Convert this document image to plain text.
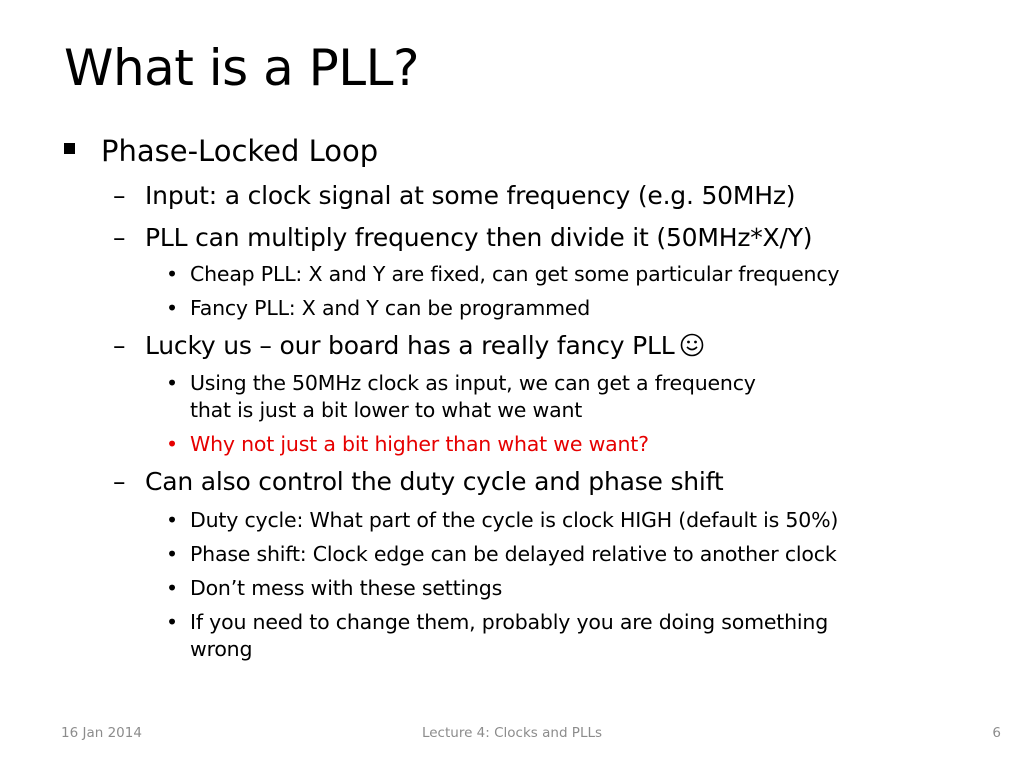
What is a PLL?
Phase-Locked Loop
– Input: a clock signal at some frequency (e.g. 50MHz)
– PLL can multiply frequency then divide it (50MHz*X/Y)
• Cheap PLL: X and Y are fixed, can get some particular frequency
• Fancy PLL: X and Y can be programmed
– Lucky us – our board has a really fancy PLL
• Using the 50MHz clock as input, we can get a frequency
that is just a bit lower to what we want
• Why not just a bit higher than what we want?
– Can also control the duty cycle and phase shift
• Duty cycle: What part of the cycle is clock HIGH (default is 50%)
• Phase shift: Clock edge can be delayed relative to another clock
• Don’t mess with these settings
• If you need to change them, probably you are doing something
wrong
16 Jan 2014	Lecture 4: Clocks and PLLs	6
